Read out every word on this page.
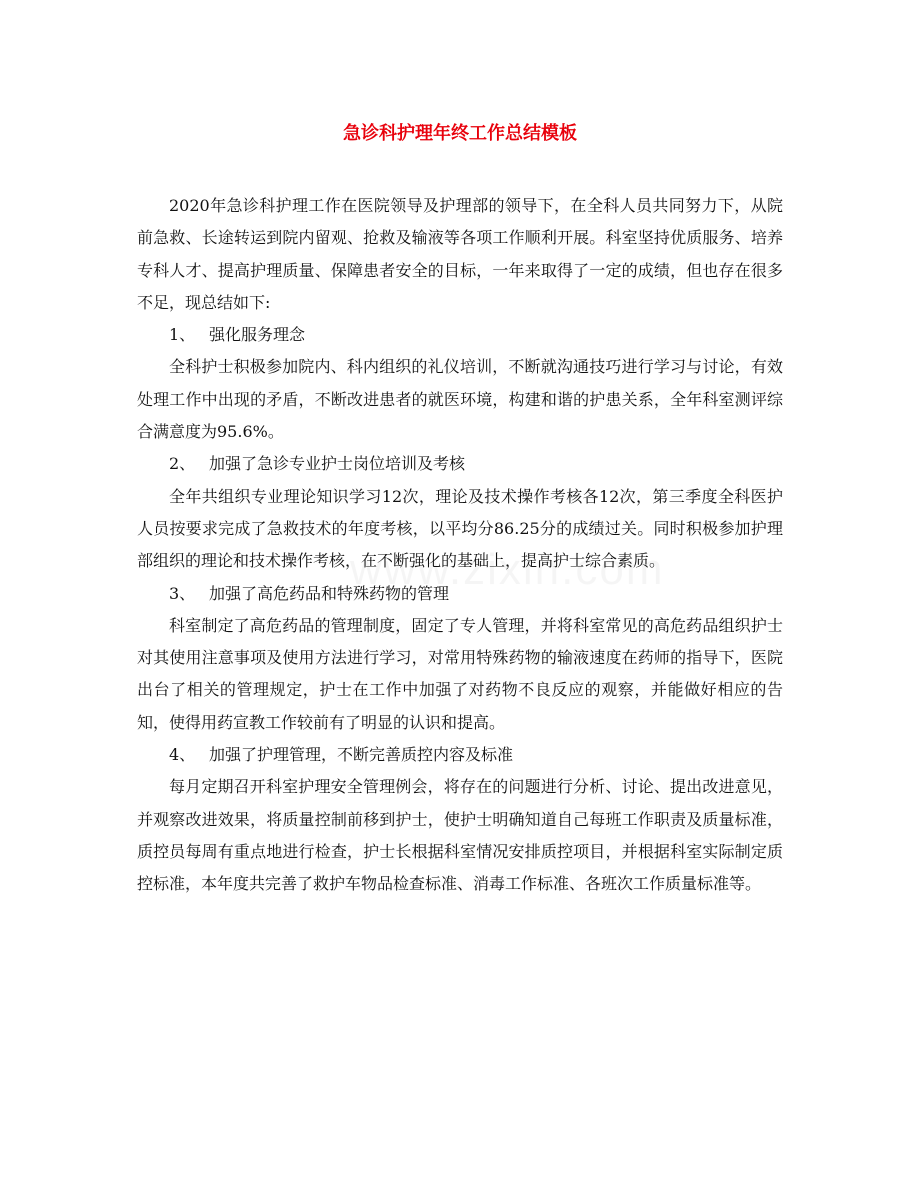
急诊科护理年终工作总结模板

2020年急诊科护理工作在医院领导及护理部的领导下，在全科人员共同努力下，从院前急救、长途转运到院内留观、抢救及输液等各项工作顺利开展。科室坚持优质服务、培养专科人才、提高护理质量、保障患者安全的目标，一年来取得了一定的成绩，但也存在很多不足，现总结如下:

1、 强化服务理念

全科护士积极参加院内、科内组织的礼仪培训，不断就沟通技巧进行学习与讨论，有效处理工作中出现的矛盾，不断改进患者的就医环境，构建和谐的护患关系，全年科室测评综合满意度为95.6%。

2、 加强了急诊专业护士岗位培训及考核

全年共组织专业理论知识学习12次，理论及技术操作考核各12次，第三季度全科医护人员按要求完成了急救技术的年度考核，以平均分86.25分的成绩过关。同时积极参加护理部组织的理论和技术操作考核，在不断强化的基础上，提高护士综合素质。

3、 加强了高危药品和特殊药物的管理

科室制定了高危药品的管理制度，固定了专人管理，并将科室常见的高危药品组织护士对其使用注意事项及使用方法进行学习，对常用特殊药物的输液速度在药师的指导下，医院出台了相关的管理规定，护士在工作中加强了对药物不良反应的观察，并能做好相应的告知，使得用药宣教工作较前有了明显的认识和提高。

4、 加强了护理管理，不断完善质控内容及标准

每月定期召开科室护理安全管理例会，将存在的问题进行分析、讨论、提出改进意见，并观察改进效果，将质量控制前移到护士，使护士明确知道自己每班工作职责及质量标准，质控员每周有重点地进行检查，护士长根据科室情况安排质控项目，并根据科室实际制定质控标准，本年度共完善了救护车物品检查标准、消毒工作标准、各班次工作质量标准等。
